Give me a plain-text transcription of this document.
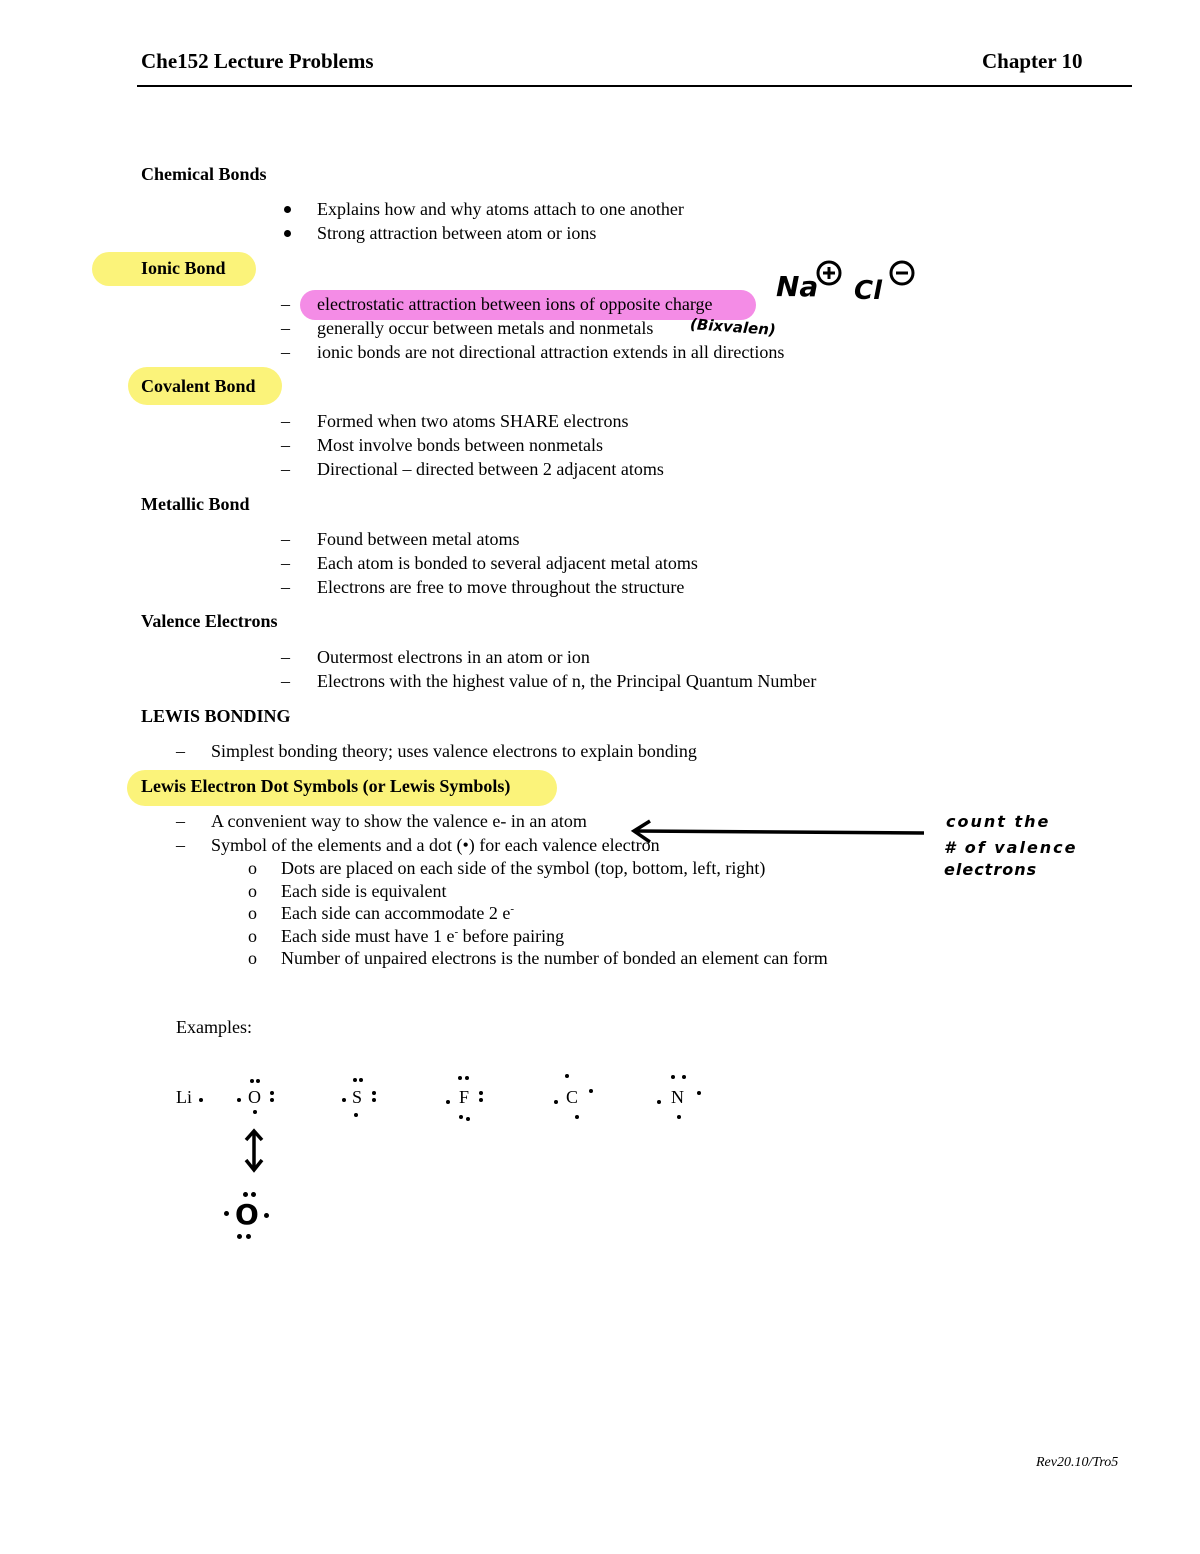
Che152 Lecture Problems	Chapter 10
Chemical Bonds
Explains how and why atoms attach to one another
Strong attraction between atom or ions
Ionic Bond
– electrostatic attraction between ions of opposite charge
– generally occur between metals and nonmetals (Bixvalen)
– ionic bonds are not directional attraction extends in all directions
Na Cl
Covalent Bond
– Formed when two atoms SHARE electrons
– Most involve bonds between nonmetals
– Directional – directed between 2 adjacent atoms
Metallic Bond
– Found between metal atoms
– Each atom is bonded to several adjacent metal atoms
– Electrons are free to move throughout the structure
Valence Electrons
– Outermost electrons in an atom or ion
– Electrons with the highest value of n, the Principal Quantum Number
LEWIS BONDING
– Simplest bonding theory; uses valence electrons to explain bonding
Lewis Electron Dot Symbols (or Lewis Symbols)
– A convenient way to show the valence e- in an atom
– Symbol of the elements and a dot (•) for each valence electron
o Dots are placed on each side of the symbol (top, bottom, left, right)
o Each side is equivalent
o Each side can accommodate 2 e-
o Each side must have 1 e- before pairing
o Number of unpaired electrons is the number of bonded an element can form
count the
# of valence
electrons
Examples:
Li	O	S	F	C	N
O
Rev20.10/Tro5
